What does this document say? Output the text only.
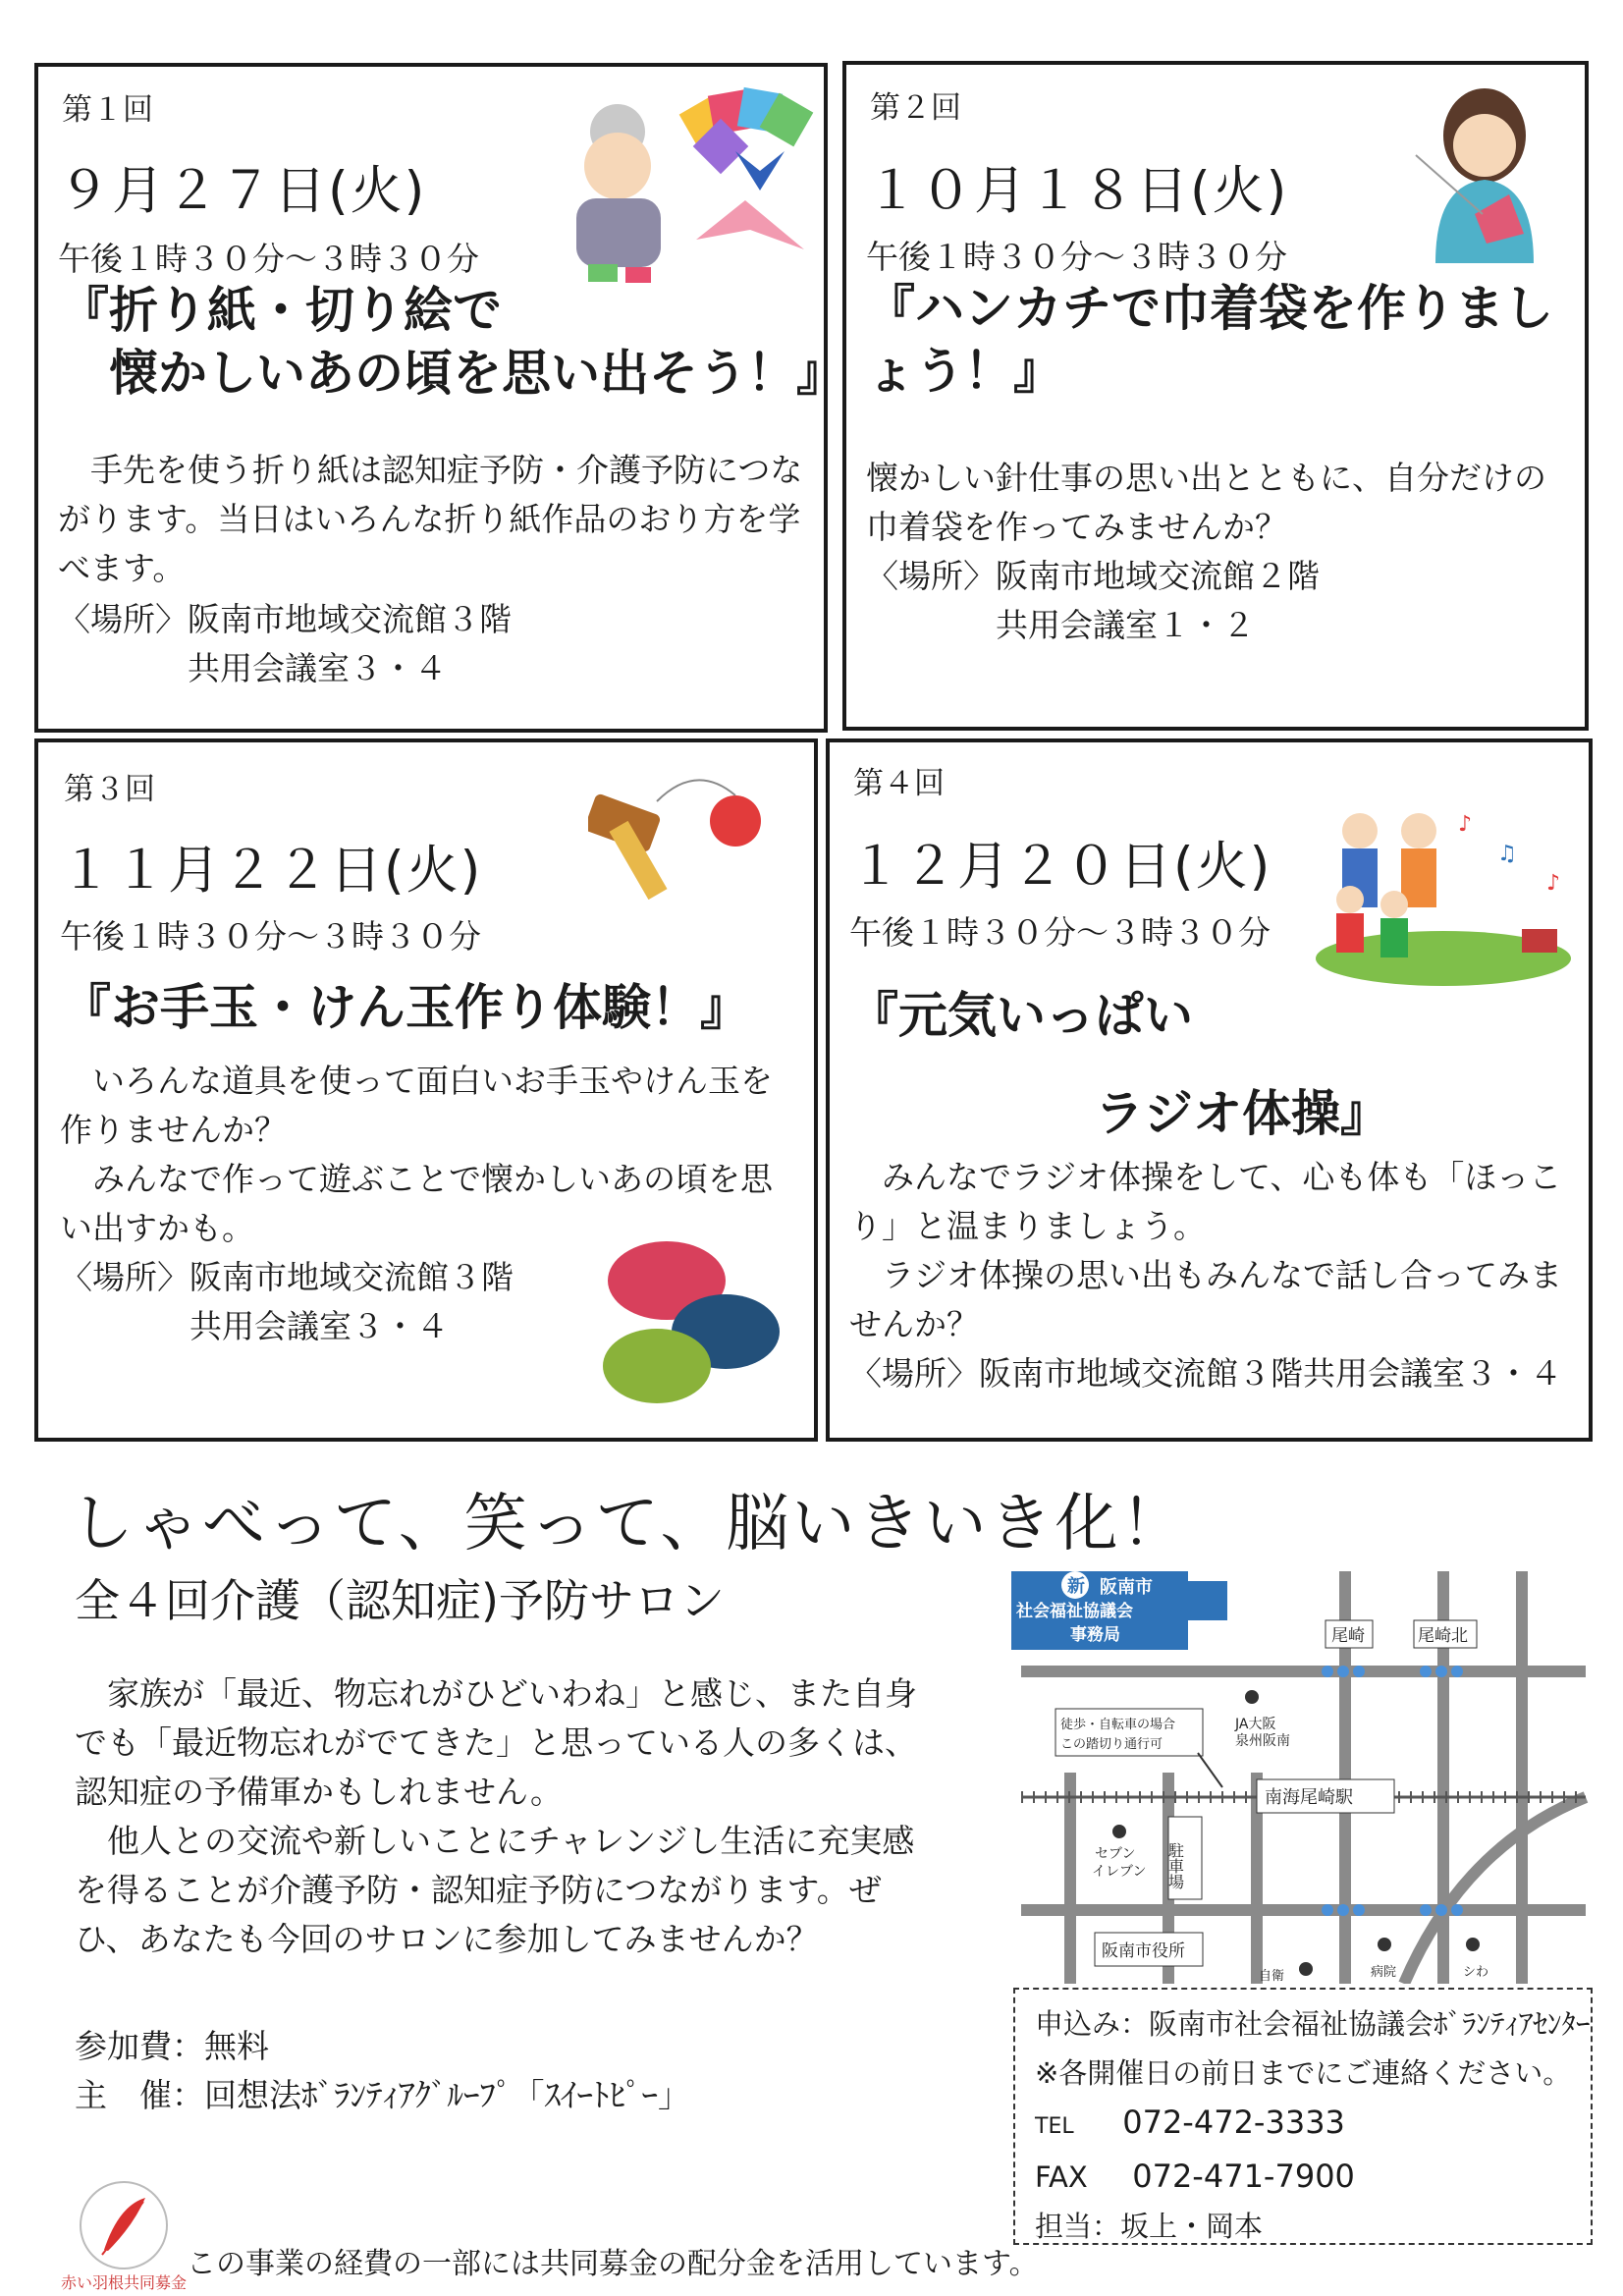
第１回
９月２７日(火)
午後１時３０分～３時３０分
『折り紙・切り絵で
　懐かしいあの頃を思い出そう！』

　手先を使う折り紙は認知症予防・介護予防につながります。当日はいろんな折り紙作品のおり方を学べます。

〈場所〉阪南市地域交流館３階
　　　　共用会議室３・４
第２回
１０月１８日(火)
午後１時３０分～３時３０分
『ハンカチで巾着袋を作りましょう！』

懐かしい針仕事の思い出とともに、自分だけの巾着袋を作ってみませんか？

〈場所〉阪南市地域交流館２階
　　　　共用会議室１・２
第３回
１１月２２日(火)
午後１時３０分～３時３０分
『お手玉・けん玉作り体験！』

　いろんな道具を使って面白いお手玉やけん玉を作りませんか？

　みんなで作って遊ぶことで懐かしいあの頃を思い出すかも。

〈場所〉阪南市地域交流館３階
　　　　共用会議室３・４
第４回
１２月２０日(火)
午後１時３０分～３時３０分
『元気いっぱい
　　　　　ラジオ体操』

　みんなでラジオ体操をして、心も体も「ほっこり」と温まりましょう。

　ラジオ体操の思い出もみんなで話し合ってみませんか？

〈場所〉阪南市地域交流館３階共用会議室３・４
♪
♫
♪
しゃべって、笑って、脳いきいき化！
全４回介護（認知症)予防サロン

　家族が「最近、物忘れがひどいわね」と感じ、また自身でも「最近物忘れがでてきた」と思っている人の多くは、認知症の予備軍かもしれません。

　他人との交流や新しいことにチャレンジし生活に充実感を得ることが介護予防・認知症予防につながります。ぜひ、あなたも今回のサロンに参加してみませんか？

参加費：無料
主　催：回想法ﾎﾞﾗﾝﾃｨｱｸﾞﾙｰﾌﾟ「ｽｲｰﾄﾋﾟｰ」
新 阪南市
社会福祉協議会
事務局	尾崎	尾崎北
徒歩・自転車の場合
この踏切り通行可
JA大阪
泉州阪南
南海尾崎駅
セブン
イレブン 駐車場
阪南市役所
自衛	病院	シわ
申込み：阪南市社会福祉協議会ﾎﾞﾗﾝﾃｨｱｾﾝﾀｰ
※各開催日の前日までにご連絡ください。
TEL 072-472-3333
FAX 072-471-7900
担当：坂上・岡本
赤い羽根共同募金
この事業の経費の一部には共同募金の配分金を活用しています。
